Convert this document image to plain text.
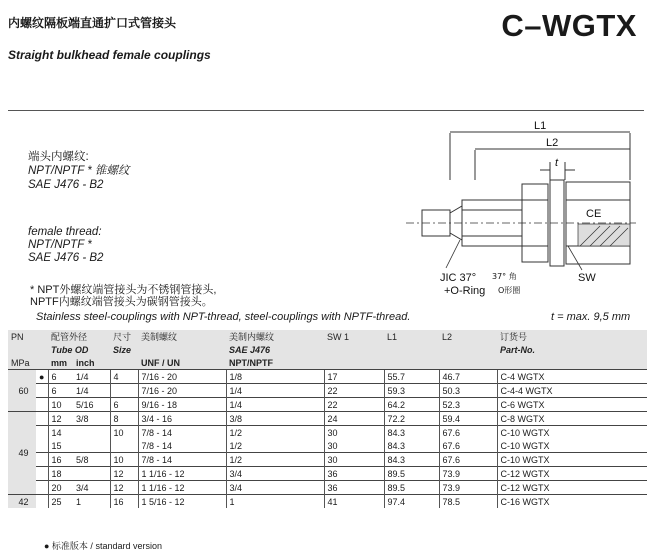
内螺纹隔板端直通扩口式管接头
Straight bulkhead female couplings
C–WGTX
端头内螺纹:
NPT/NPTF * 锥螺纹
SAE J476 - B2
female thread:
NPT/NPTF *
SAE J476 - B2
* NPT外螺纹端管接头为不锈钢管接头,
NPTF内螺纹端管接头为碳钢管接头。
Stainless steel-couplings with NPT-thread, steel-couplings with NPTF-thread.	t = max. 9,5 mm
L1
L2
t
CE
SW
JIC 37°
+O-Ring
37° 角
O形圈
PN		配管外径		尺寸	美制螺纹	美制内螺纹	SW 1	L1	L2	订货号
		Tube OD		Size		SAE J476				Part-No.
MPa		mm	inch		UNF / UN	NPT/NPTF				
60	●	6	1/4	4	7/16 - 20	1/8	17	55.7	46.7	C-4 WGTX
		6	1/4		7/16 - 20	1/4	22	59.3	50.3	C-4-4 WGTX
		10	5/16	6	9/16 - 18	1/4	22	64.2	52.3	C-6 WGTX
49		12	3/8	8	3/4 - 16	3/8	24	72.2	59.4	C-8 WGTX
		14		10	7/8 - 14	1/2	30	84.3	67.6	C-10 WGTX
		15			7/8 - 14	1/2	30	84.3	67.6	C-10 WGTX
		16	5/8	10	7/8 - 14	1/2	30	84.3	67.6	C-10 WGTX
		18		12	1 1/16 - 12	3/4	36	89.5	73.9	C-12 WGTX
		20	3/4	12	1 1/16 - 12	3/4	36	89.5	73.9	C-12 WGTX
42		25	1	16	1 5/16 - 12	1	41	97.4	78.5	C-16 WGTX
● 标准版本 / standard version
